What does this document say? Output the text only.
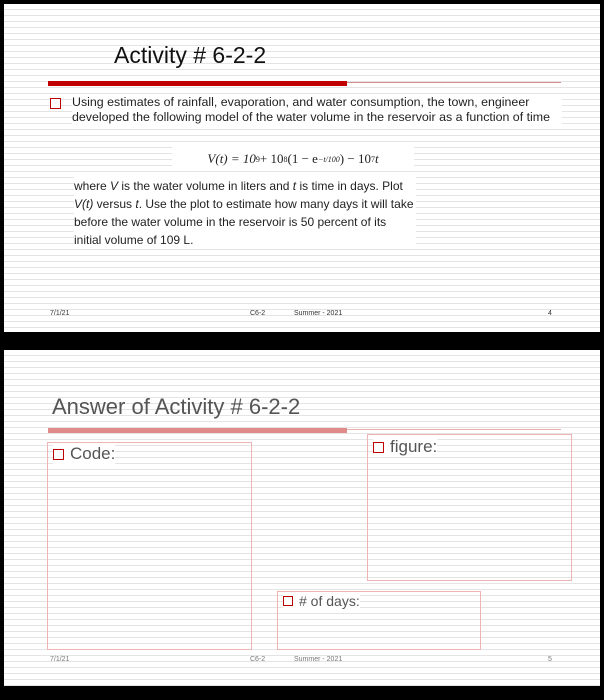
Activity # 6-2-2
Using estimates of rainfall, evaporation, and water consumption, the town, engineer developed the following model of the water volume in the reservoir as a function of time
V(t) = 10 9 + 10 8 (1 − e −t/100 ) − 10 7 t
where V is the water volume in liters and t is time in days. Plot V(t) versus t. Use the plot to estimate how many days it will take before the water volume in the reservoir is 50 percent of its initial volume of 109 L.
7/1/21	C6-2	Summer - 2021	4
Answer of Activity # 6-2-2
Code:	figure:
# of days:
7/1/21	C6-2	Summer - 2021	5
